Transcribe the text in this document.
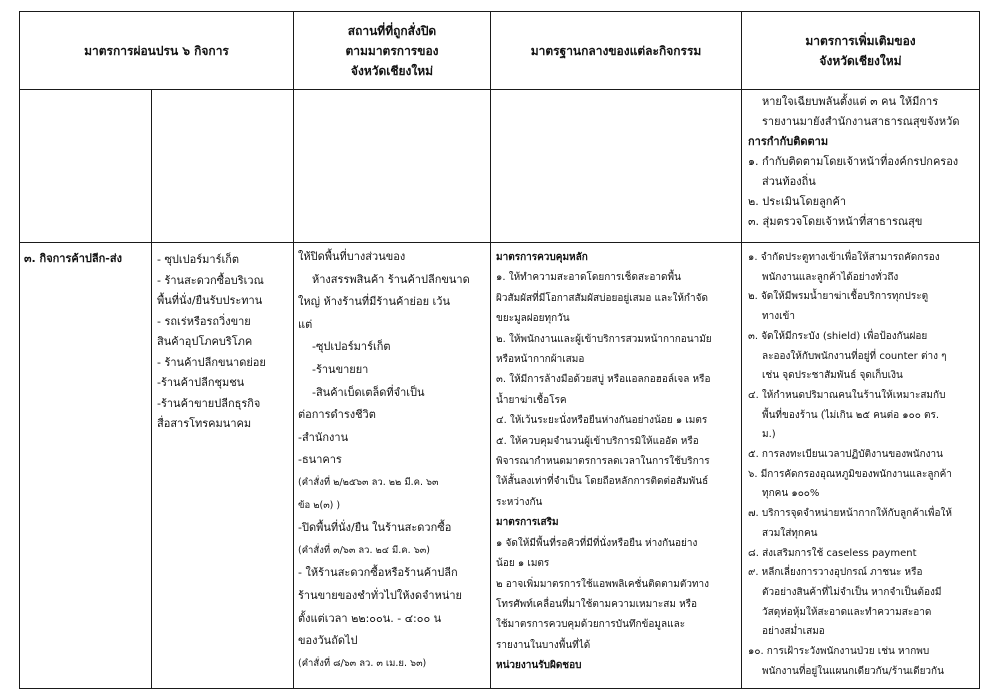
มาตรการผ่อนปรน ๖ กิจการ
สถานที่ที่ถูกสั่งปิด
ตามมาตรการของ
จังหวัดเชียงใหม่
มาตรฐานกลางของแต่ละกิจกรรม
มาตรการเพิ่มเติมของ
จังหวัดเชียงใหม่
หายใจเฉียบพลันตั้งแต่ ๓ คน ให้มีการ
รายงานมายังสำนักงานสาธารณสุขจังหวัด
การกำกับติดตาม
๑. กำกับติดตามโดยเจ้าหน้าที่องค์กรปกครอง
ส่วนท้องถิ่น
๒. ประเมินโดยลูกค้า
๓. สุ่มตรวจโดยเจ้าหน้าที่สาธารณสุข
๓. กิจการค้าปลีก-ส่ง	- ซุปเปอร์มาร์เก็ต
- ร้านสะดวกซื้อบริเวณ
พื้นที่นั่ง/ยืนรับประทาน
- รถเร่หรือรถวิ่งขาย
สินค้าอุปโภคบริโภค
- ร้านค้าปลีกขนาดย่อย
-ร้านค้าปลีกชุมชน
-ร้านค้าขายปลีกธุรกิจ
สื่อสารโทรคมนาคม
ให้ปิดพื้นที่บางส่วนของ
ห้างสรรพสินค้า ร้านค้าปลีกขนาด
ใหญ่ ห้างร้านที่มีร้านค้าย่อย เว้น
แต่
-ซุปเปอร์มาร์เก็ต
-ร้านขายยา
-สินค้าเบ็ดเตล็ดที่จำเป็น
ต่อการดำรงชีวิต
-สำนักงาน
-ธนาคาร
(คำสั่งที่ ๒/๒๕๖๓ ลว. ๒๒ มี.ค. ๖๓
ข้อ ๒(๓) )
-ปิดพื้นที่นั่ง/ยืน ในร้านสะดวกซื้อ
(คำสั่งที่ ๓/๖๓ ลว. ๒๔ มี.ค. ๖๓)
- ให้ร้านสะดวกซื้อหรือร้านค้าปลีก
ร้านขายของชำทั่วไปให้งดจำหน่าย
ตั้งแต่เวลา ๒๒:๐๐น. - ๔:๐๐ น
ของวันถัดไป
(คำสั่งที่ ๘/๖๓ ลว. ๓ เม.ย. ๖๓)
มาตรการควบคุมหลัก
๑. ให้ทำความสะอาดโดยการเช็ดสะอาดพื้น
ผิวสัมผัสที่มีโอกาสสัมผัสบ่อยอยู่เสมอ และให้กำจัด
ขยะมูลฝอยทุกวัน
๒. ให้พนักงานและผู้เข้าบริการสวมหน้ากากอนามัย
หรือหน้ากากผ้าเสมอ
๓. ให้มีการล้างมือด้วยสบู่ หรือแอลกอฮอล์เจล หรือ
น้ำยาฆ่าเชื้อโรค
๔. ให้เว้นระยะนั่งหรือยืนห่างกันอย่างน้อย ๑ เมตร
๕. ให้ควบคุมจำนวนผู้เข้าบริการมิให้แออัด หรือ
พิจารณากำหนดมาตรการลดเวลาในการใช้บริการ
ให้สั้นลงเท่าที่จำเป็น โดยถือหลักการติดต่อสัมพันธ์
ระหว่างกัน
มาตรการเสริม
๑ จัดให้มีพื้นที่รอคิวที่มีที่นั่งหรือยืน ห่างกันอย่าง
น้อย ๑ เมตร
๒ อาจเพิ่มมาตรการใช้แอพพลิเคชั่นติดตามตัวทาง
โทรศัพท์เคลื่อนที่มาใช้ตามความเหมาะสม หรือ
ใช้มาตรการควบคุมด้วยการบันทึกข้อมูลและ
รายงานในบางพื้นที่ได้
หน่วยงานรับผิดชอบ
๑. จำกัดประตูทางเข้าเพื่อให้สามารถคัดกรอง
พนักงานและลูกค้าได้อย่างทั่วถึง
๒. จัดให้มีพรมน้ำยาฆ่าเชื้อบริการทุกประตู
ทางเข้า
๓. จัดให้มีกระบัง (shield) เพื่อป้องกันฝอย
ละอองให้กับพนักงานที่อยู่ที่ counter ต่าง ๆ
เช่น จุดประชาสัมพันธ์ จุดเก็บเงิน
๔. ให้กำหนดปริมาณคนในร้านให้เหมาะสมกับ
พื้นที่ของร้าน (ไม่เกิน ๒๕ คนต่อ ๑๐๐ ตร.
ม.)
๕. การลงทะเบียนเวลาปฏิบัติงานของพนักงาน
๖. มีการคัดกรองอุณหภูมิของพนักงานและลูกค้า
ทุกคน ๑๐๐%
๗. บริการจุดจำหน่ายหน้ากากให้กับลูกค้าเพื่อให้
สวมใส่ทุกคน
๘. ส่งเสริมการใช้ caseless payment
๙. หลีกเลี่ยงการวางอุปกรณ์ ภาชนะ หรือ
ตัวอย่างสินค้าที่ไม่จำเป็น หากจำเป็นต้องมี
วัสดุห่อหุ้มให้สะอาดและทำความสะอาด
อย่างสม่ำเสมอ
๑๐. การเฝ้าระวังพนักงานป่วย เช่น หากพบ
พนักงานที่อยู่ในแผนกเดียวกัน/ร้านเดียวกัน
